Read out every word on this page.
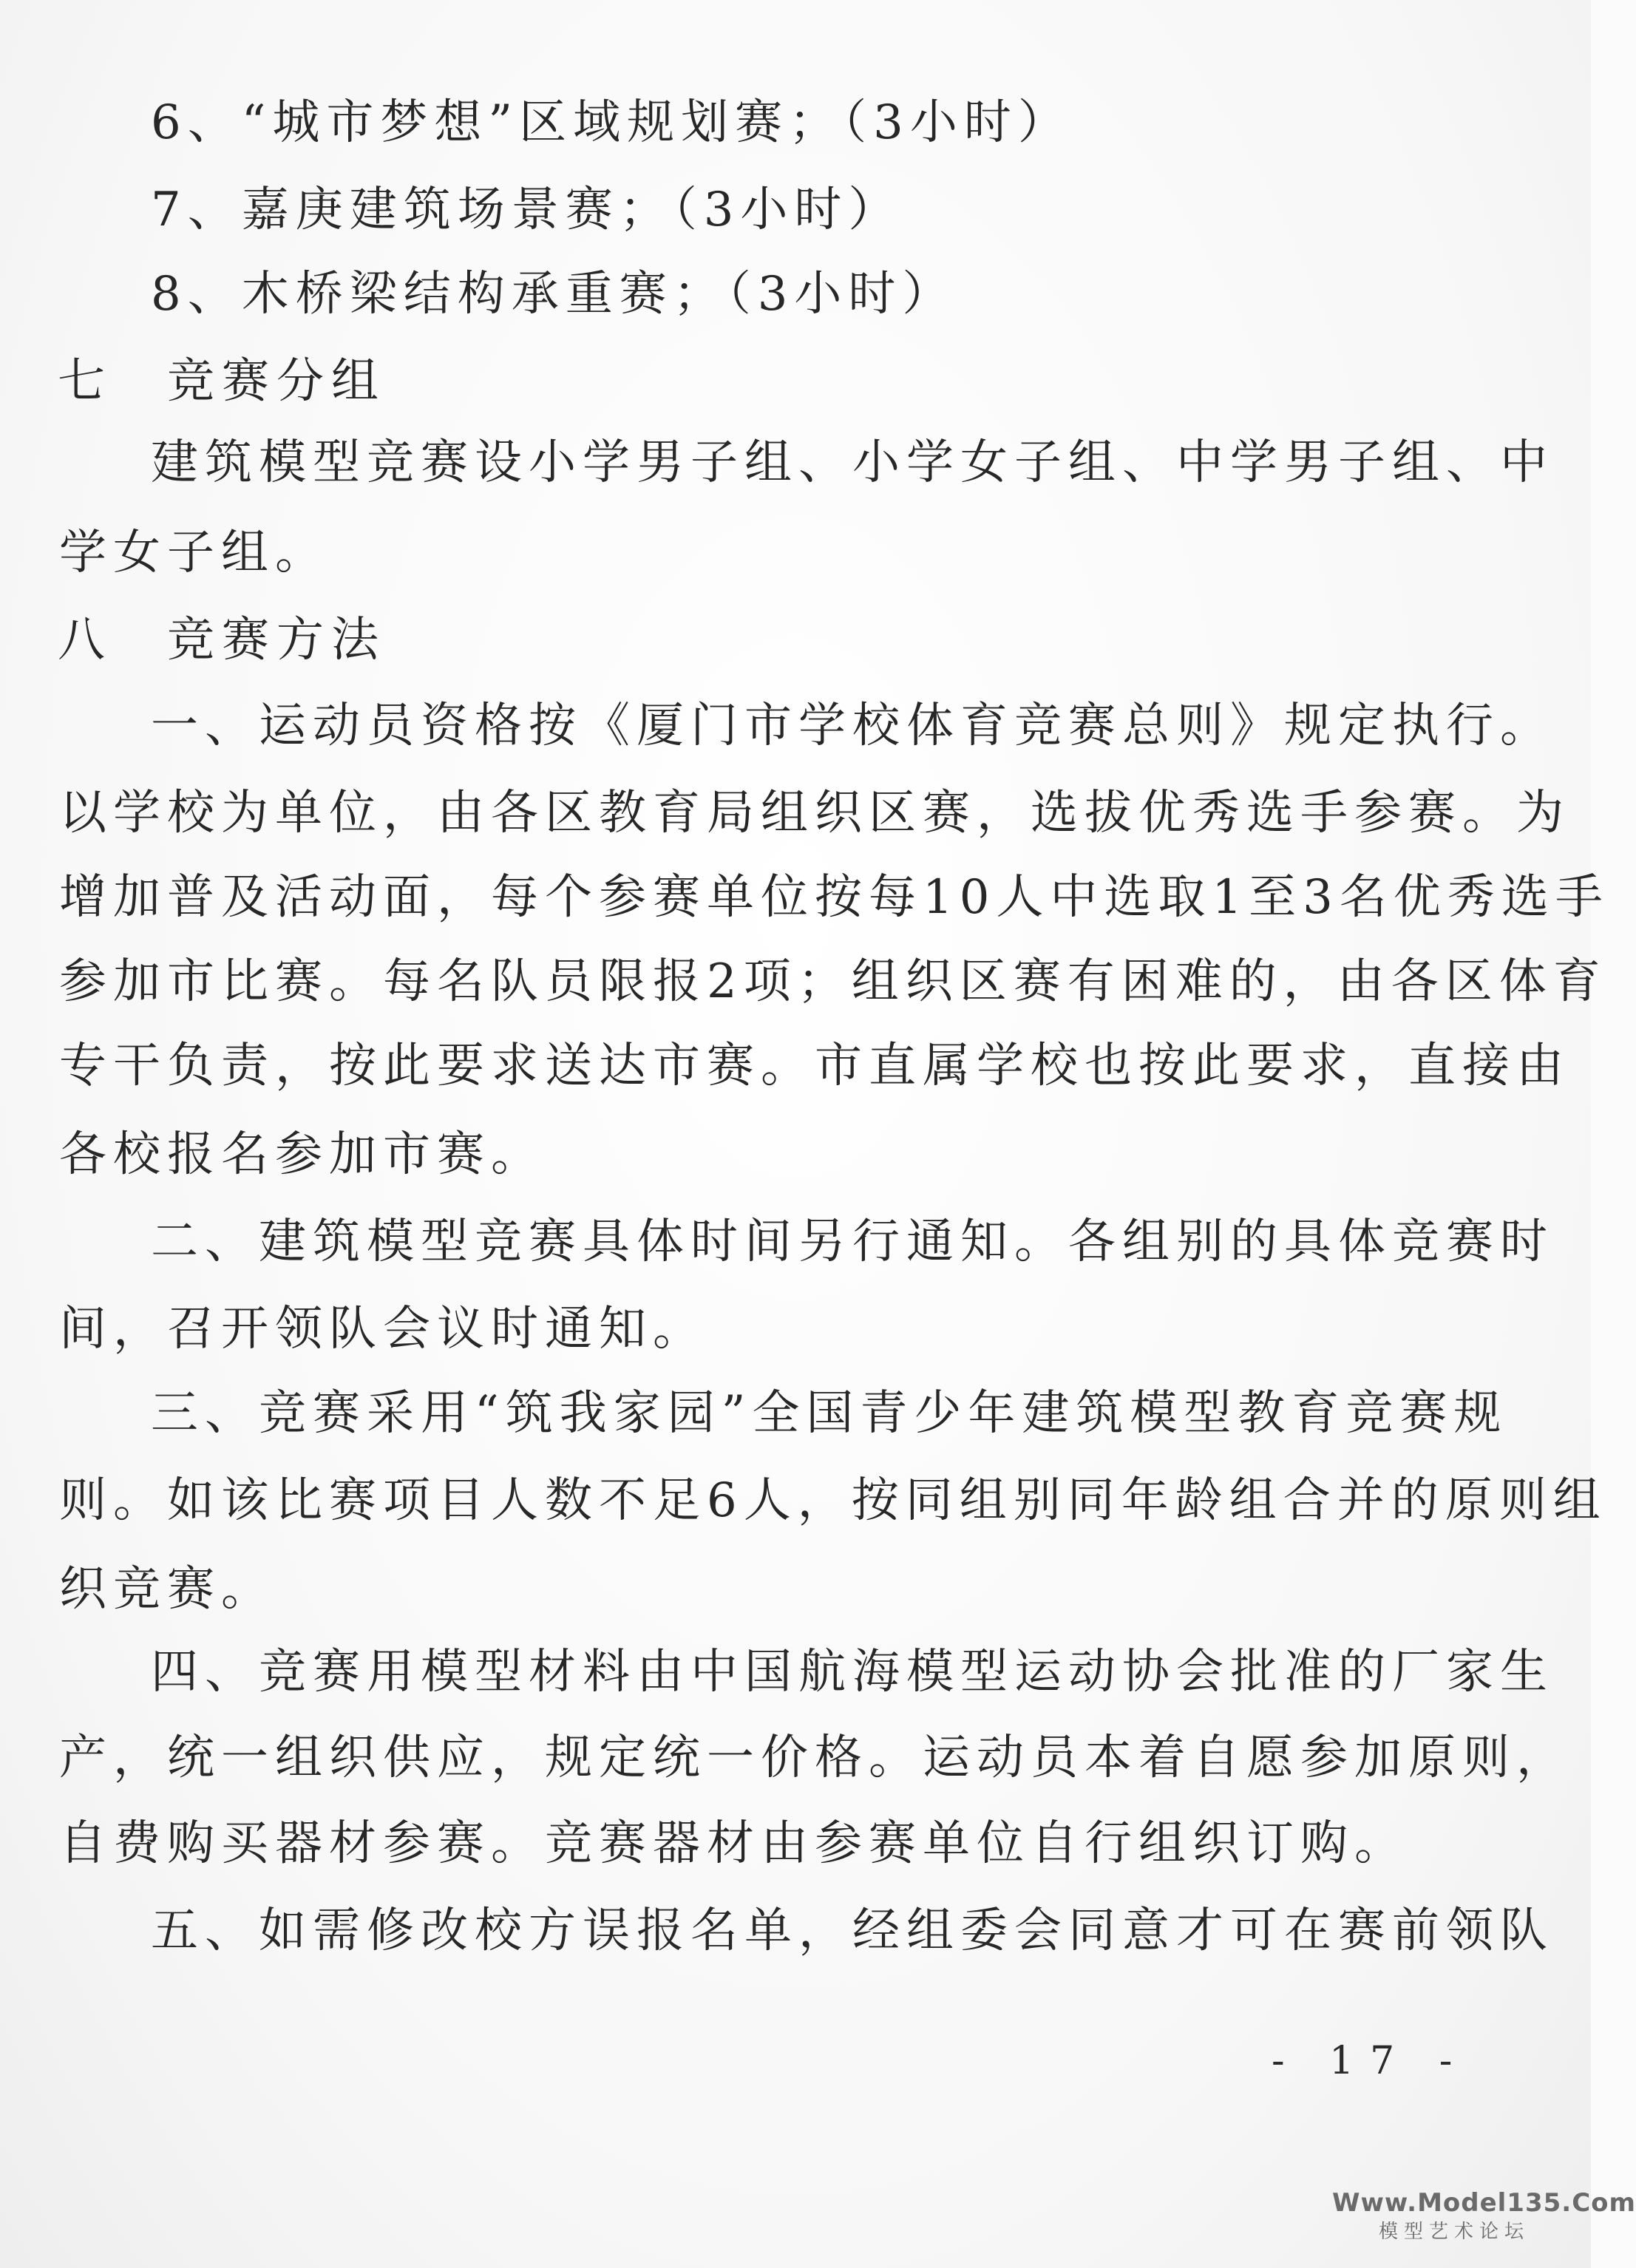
6、“城市梦想”区域规划赛；（3小时）
7、嘉庚建筑场景赛；（3小时）
8、木桥梁结构承重赛；（3小时）
七　竞赛分组
建筑模型竞赛设小学男子组、小学女子组、中学男子组、中
学女子组。
八　竞赛方法
一、运动员资格按《厦门市学校体育竞赛总则》规定执行。
以学校为单位，由各区教育局组织区赛，选拔优秀选手参赛。为
增加普及活动面，每个参赛单位按每10人中选取1至3名优秀选手
参加市比赛。每名队员限报2项；组织区赛有困难的，由各区体育
专干负责，按此要求送达市赛。市直属学校也按此要求，直接由
各校报名参加市赛。
二、建筑模型竞赛具体时间另行通知。各组别的具体竞赛时
间，召开领队会议时通知。
三、竞赛采用“筑我家园”全国青少年建筑模型教育竞赛规
则。如该比赛项目人数不足6人，按同组别同年龄组合并的原则组
织竞赛。
四、竞赛用模型材料由中国航海模型运动协会批准的厂家生
产，统一组织供应，规定统一价格。运动员本着自愿参加原则，
自费购买器材参赛。竞赛器材由参赛单位自行组织订购。
五、如需修改校方误报名单，经组委会同意才可在赛前领队
- 17 -
Www.Model135.Com
模型艺术论坛
